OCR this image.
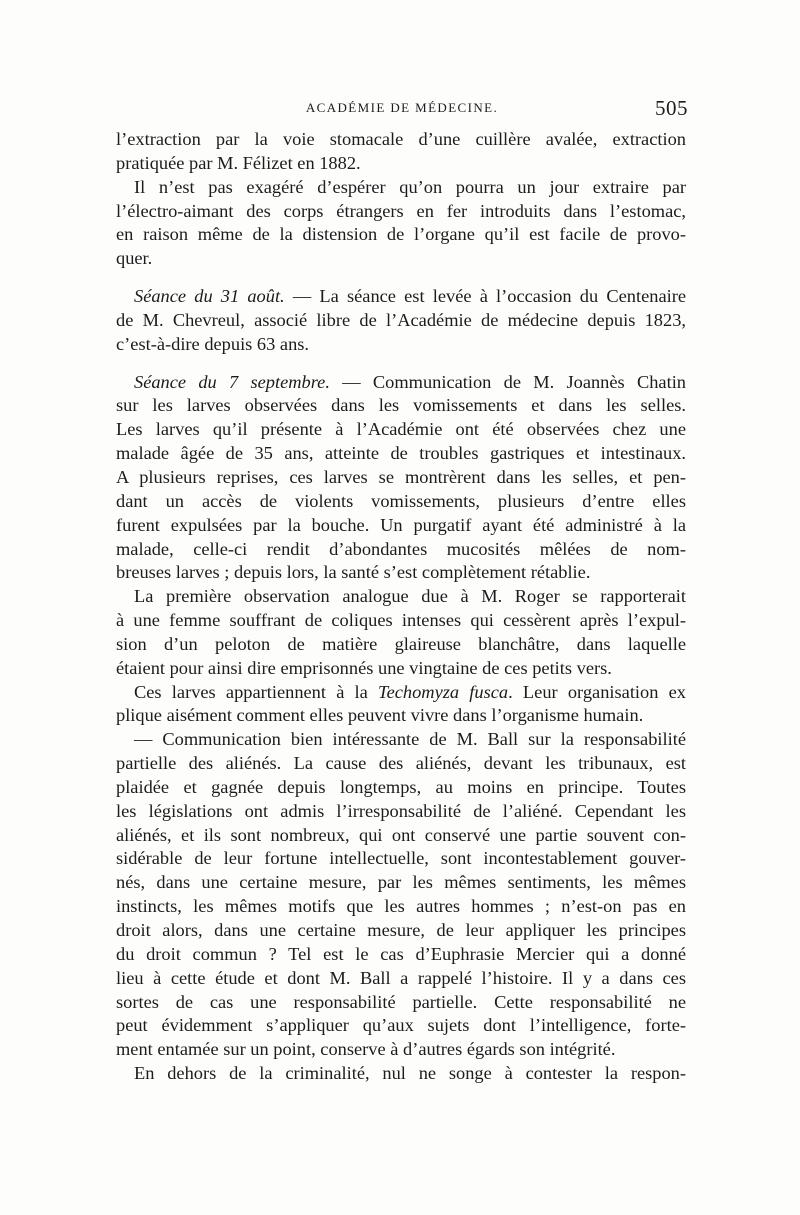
ACADÉMIE DE MÉDECINE.	505
l’extraction par la voie stomacale d’une cuillère avalée, extraction
pratiquée par M. Félizet en 1882.
Il n’est pas exagéré d’espérer qu’on pourra un jour extraire par
l’électro-aimant des corps étrangers en fer introduits dans l’estomac,
en raison même de la distension de l’organe qu’il est facile de provo-
quer.
Séance du 31 août. — La séance est levée à l’occasion du Centenaire
de M. Chevreul, associé libre de l’Académie de médecine depuis 1823,
c’est-à-dire depuis 63 ans.
Séance du 7 septembre. — Communication de M. Joannès Chatin
sur les larves observées dans les vomissements et dans les selles.
Les larves qu’il présente à l’Académie ont été observées chez une
malade âgée de 35 ans, atteinte de troubles gastriques et intestinaux.
A plusieurs reprises, ces larves se montrèrent dans les selles, et pen-
dant un accès de violents vomissements, plusieurs d’entre elles
furent expulsées par la bouche. Un purgatif ayant été administré à la
malade, celle-ci rendit d’abondantes mucosités mêlées de nom-
breuses larves ; depuis lors, la santé s’est complètement rétablie.
La première observation analogue due à M. Roger se rapporterait
à une femme souffrant de coliques intenses qui cessèrent après l’expul-
sion d’un peloton de matière glaireuse blanchâtre, dans laquelle
étaient pour ainsi dire emprisonnés une vingtaine de ces petits vers.
Ces larves appartiennent à la Techomyza fusca. Leur organisation ex
plique aisément comment elles peuvent vivre dans l’organisme humain.
— Communication bien intéressante de M. Ball sur la responsabilité
partielle des aliénés. La cause des aliénés, devant les tribunaux, est
plaidée et gagnée depuis longtemps, au moins en principe. Toutes
les législations ont admis l’irresponsabilité de l’aliéné. Cependant les
aliénés, et ils sont nombreux, qui ont conservé une partie souvent con-
sidérable de leur fortune intellectuelle, sont incontestablement gouver-
nés, dans une certaine mesure, par les mêmes sentiments, les mêmes
instincts, les mêmes motifs que les autres hommes ; n’est-on pas en
droit alors, dans une certaine mesure, de leur appliquer les principes
du droit commun ? Tel est le cas d’Euphrasie Mercier qui a donné
lieu à cette étude et dont M. Ball a rappelé l’histoire. Il y a dans ces
sortes de cas une responsabilité partielle. Cette responsabilité ne
peut évidemment s’appliquer qu’aux sujets dont l’intelligence, forte-
ment entamée sur un point, conserve à d’autres égards son intégrité.
En dehors de la criminalité, nul ne songe à contester la respon-
